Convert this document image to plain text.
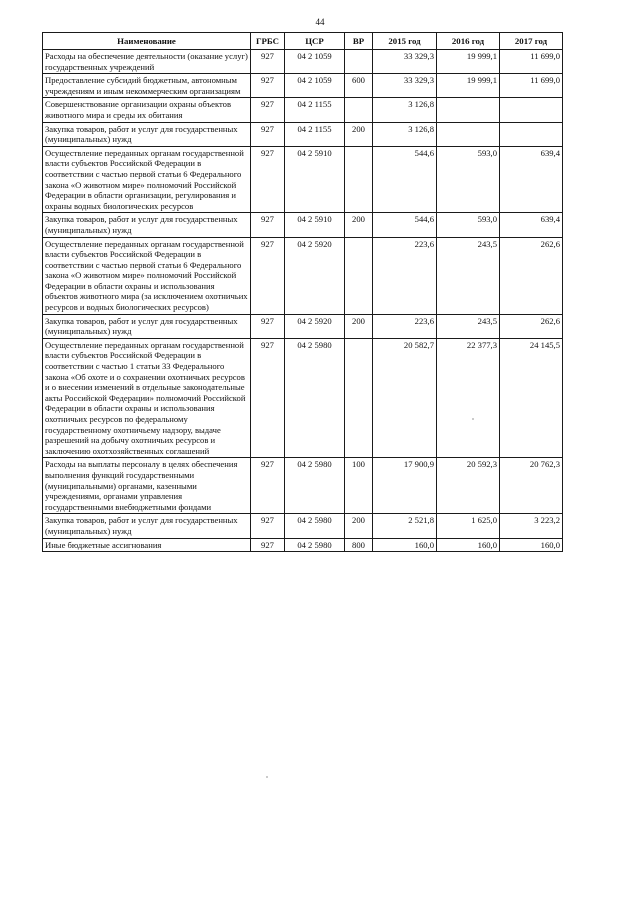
44
Наименование	ГРБС	ЦСР	ВР	2015 год	2016 год	2017 год
Расходы на обеспечение деятельности (оказание услуг) государственных учреждений	927	04 2 1059		33 329,3	19 999,1	11 699,0
Предоставление субсидий бюджетным, автономным учреждениям и иным некоммерческим организациям	927	04 2 1059	600	33 329,3	19 999,1	11 699,0
Совершенствование организации охраны объектов животного мира и среды их обитания	927	04 2 1155		3 126,8		
Закупка товаров, работ и услуг для государственных (муниципальных) нужд	927	04 2 1155	200	3 126,8		
Осуществление переданных органам государственной власти субъектов Российской Федерации в соответствии с частью первой статьи 6 Федерального закона «О животном мире» полномочий Российской Федерации в области организации, регулирования и охраны водных биологических ресурсов	927	04 2 5910		544,6	593,0	639,4
Закупка товаров, работ и услуг для государственных (муниципальных) нужд	927	04 2 5910	200	544,6	593,0	639,4
Осуществление переданных органам государственной власти субъектов Российской Федерации в соответствии с частью первой статьи 6 Федерального закона «О животном мире» полномочий Российской Федерации в области охраны и использования объектов животного мира (за исключением охотничьих ресурсов и водных биологических ресурсов)	927	04 2 5920		223,6	243,5	262,6
Закупка товаров, работ и услуг для государственных (муниципальных) нужд	927	04 2 5920	200	223,6	243,5	262,6
Осуществление переданных органам государственной власти субъектов Российской Федерации в соответствии с частью 1 статьи 33 Федерального закона «Об охоте и о сохранении охотничьих ресурсов и о внесении изменений в отдельные законодательные акты Российской Федерации» полномочий Российской Федерации в области охраны и использования охотничьих ресурсов по федеральному государственному охотничьему надзору, выдаче разрешений на добычу охотничьих ресурсов и заключению охотхозяйственных соглашений	927	04 2 5980		20 582,7	22 377,3	24 145,5
Расходы на выплаты персоналу в целях обеспечения выполнения функций государственными (муниципальными) органами, казенными учреждениями, органами управления государственными внебюджетными фондами	927	04 2 5980	100	17 900,9	20 592,3	20 762,3
Закупка товаров, работ и услуг для государственных (муниципальных) нужд	927	04 2 5980	200	2 521,8	1 625,0	3 223,2
Иные бюджетные ассигнования	927	04 2 5980	800	160,0	160,0	160,0
